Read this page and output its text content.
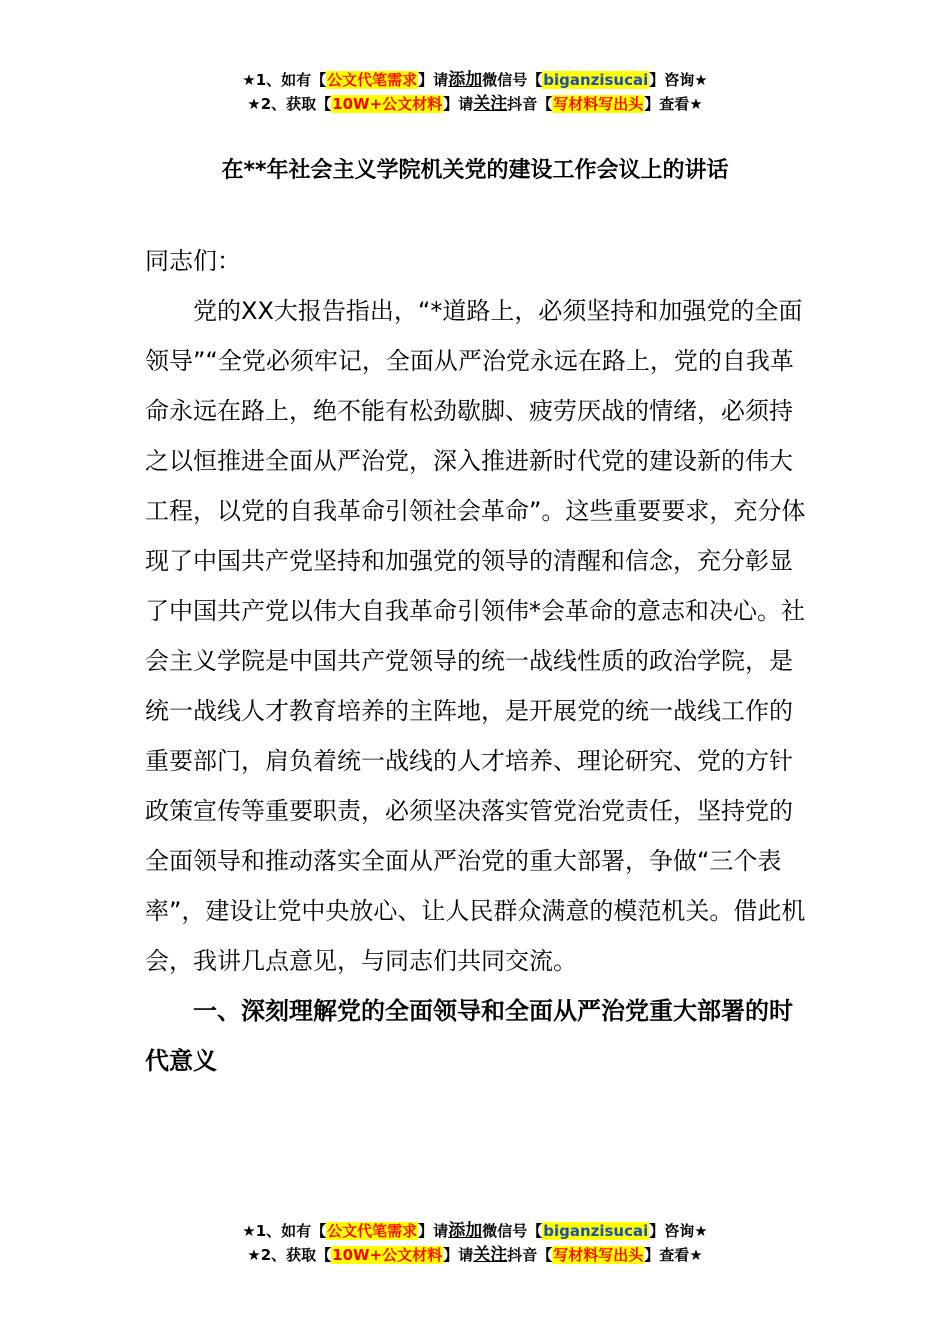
★1、如有【公文代笔需求】请添加微信号【biganzisucai】咨询★
★2、获取【10W+公文材料】请关注抖音【写材料写出头】查看★
在**年社会主义学院机关党的建设工作会议上的讲话

同志们：

党的XX大报告指出，“*道路上，必须坚持和加强党的全面领导”“全党必须牢记，全面从严治党永远在路上，党的自我革命永远在路上，绝不能有松劲歇脚、疲劳厌战的情绪，必须持之以恒推进全面从严治党，深入推进新时代党的建设新的伟大工程，以党的自我革命引领社会革命”。这些重要要求，充分体现了中国共产党坚持和加强党的领导的清醒和信念，充分彰显了中国共产党以伟大自我革命引领伟*会革命的意志和决心。社会主义学院是中国共产党领导的统一战线性质的政治学院，是统一战线人才教育培养的主阵地，是开展党的统一战线工作的重要部门，肩负着统一战线的人才培养、理论研究、党的方针政策宣传等重要职责，必须坚决落实管党治党责任，坚持党的全面领导和推动落实全面从严治党的重大部署，争做“三个表率”，建设让党中央放心、让人民群众满意的模范机关。借此机会，我讲几点意见，与同志们共同交流。

一、深刻理解党的全面领导和全面从严治党重大部署的时代意义

★1、如有【公文代笔需求】请添加微信号【biganzisucai】咨询★
★2、获取【10W+公文材料】请关注抖音【写材料写出头】查看★
